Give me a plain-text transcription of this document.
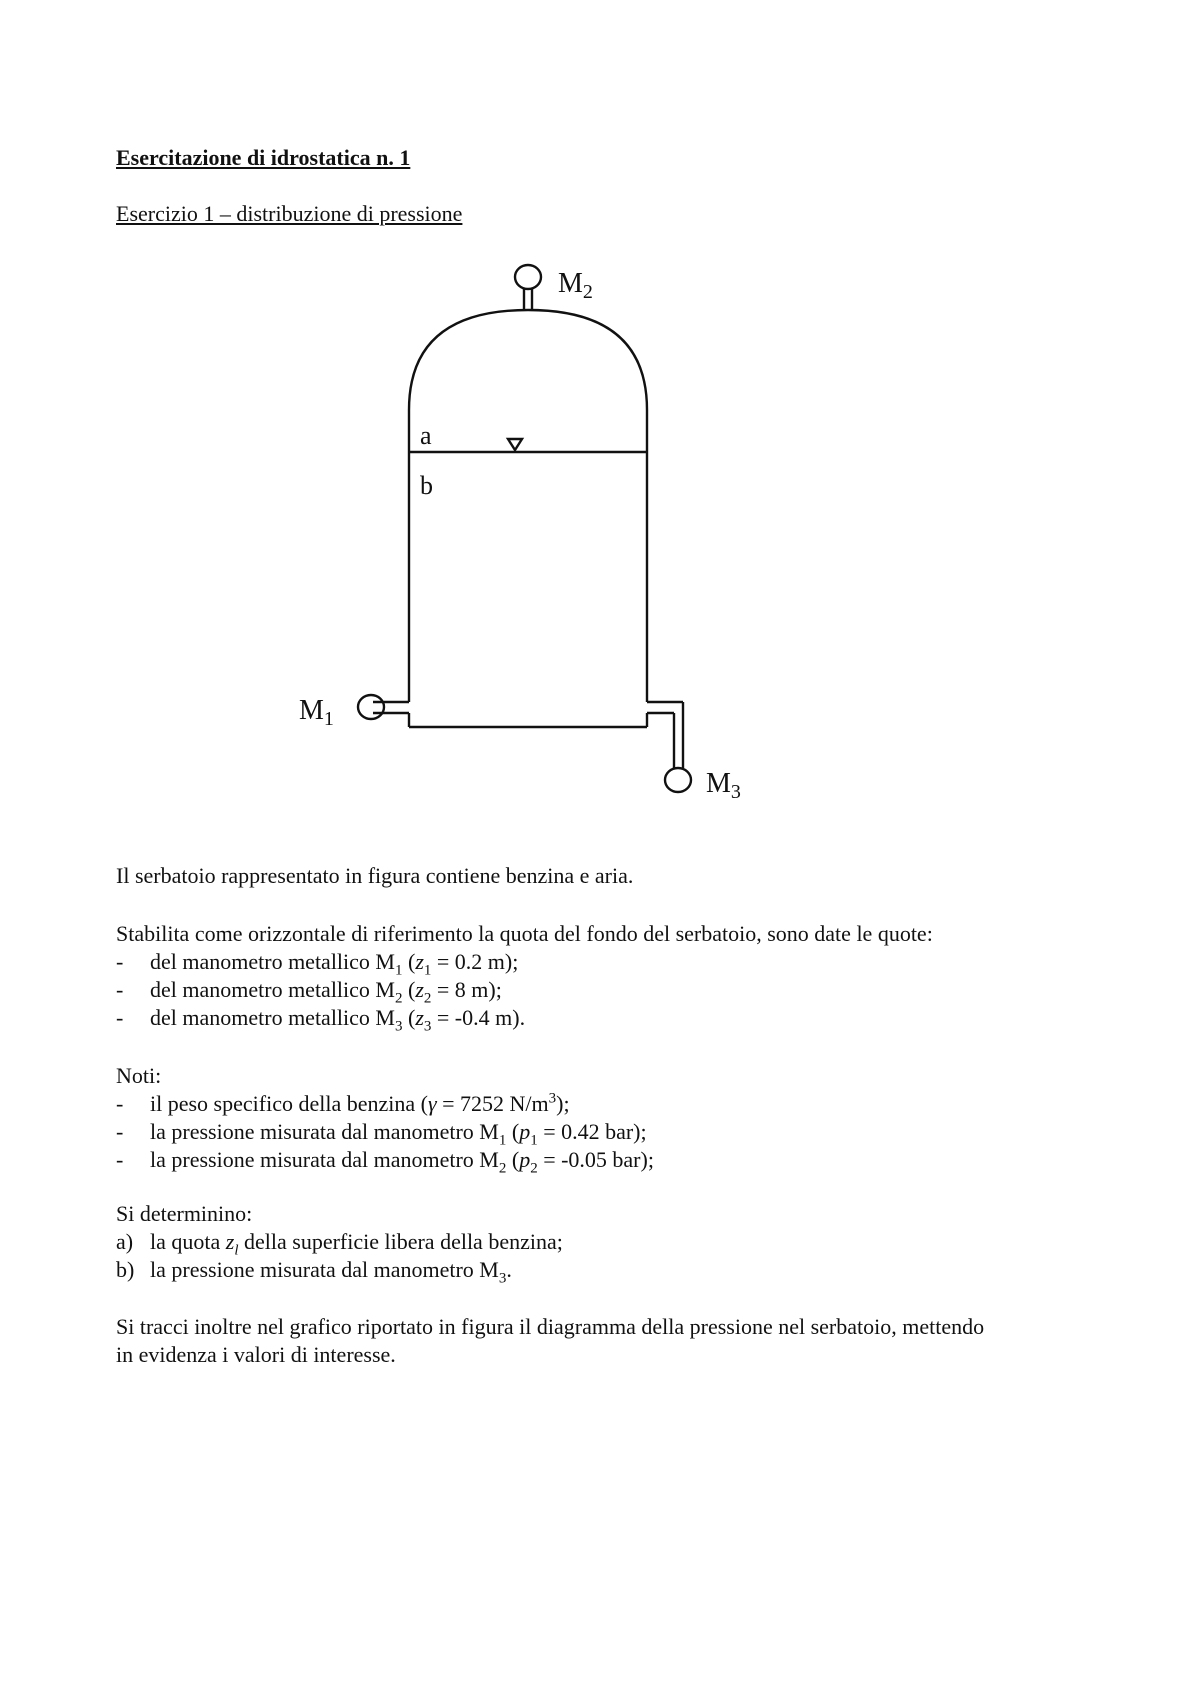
Esercitazione di idrostatica n. 1
Esercizio 1 – distribuzione di pressione
$M_2$
$M_1$
$M_3$
a
b
Il serbatoio rappresentato in figura contiene benzina e aria.
Stabilita come orizzontale di riferimento la quota del fondo del serbatoio, sono date le quote:
- del manometro metallico $M_1$ ($z_1 = 0.2$ m);
- del manometro metallico $M_2$ ($z_2 = 8$ m);
- del manometro metallico $M_3$ ($z_3 = -0.4$ m).
Noti:
- il peso specifico della benzina (γ = 7252 $N/m^3$);
- la pressione misurata dal manometro $M_1$ ($p_1 = 0.42$ bar);
- la pressione misurata dal manometro $M_2$ ($p_2 = -0.05$ bar);
Si determinino:
a) la quota $z_l$ della superficie libera della benzina;
b) la pressione misurata dal manometro $M_3$.
Si tracci inoltre nel grafico riportato in figura il diagramma della pressione nel serbatoio, mettendo
in evidenza i valori di interesse.
